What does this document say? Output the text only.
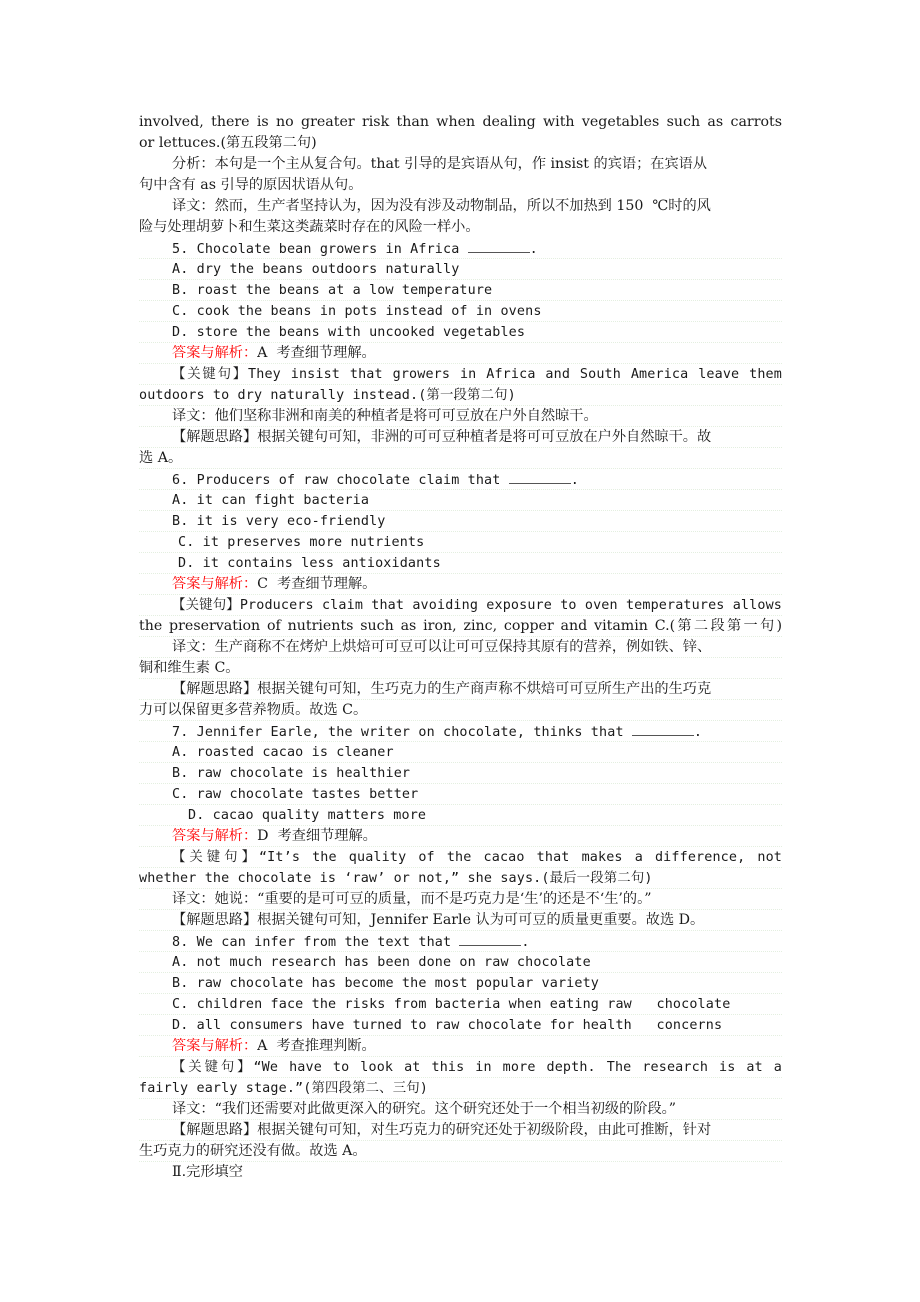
involved, there is no greater risk than when dealing with vegetables such as carrots
or lettuces.(第五段第二句)
分析：本句是一个主从复合句。that 引导的是宾语从句，作 insist 的宾语；在宾语从
句中含有 as 引导的原因状语从句。
译文：然而，生产者坚持认为，因为没有涉及动物制品，所以不加热到 150  ℃时的风
险与处理胡萝卜和生菜这类蔬菜时存在的风险一样小。
5. Chocolate bean growers in Africa	.
A. dry the beans outdoors naturally
B. roast the beans at a low temperature
C. cook the beans in pots instead of in ovens
D. store the beans with uncooked vegetables
答案与解析：A  考查细节理解。
【关键句】They insist that growers in Africa and South America leave them
outdoors to dry naturally instead.(第一段第二句)
译文：他们坚称非洲和南美的种植者是将可可豆放在户外自然晾干。
【解题思路】根据关键句可知，非洲的可可豆种植者是将可可豆放在户外自然晾干。故
选 A。
6. Producers of raw chocolate claim that	.
A. it can fight bacteria
B. it is very eco-friendly
C. it preserves more nutrients
D. it contains less antioxidants
答案与解析：C  考查细节理解。
【关键句】Producers claim that avoiding exposure to oven temperatures allows
the preservation of nutrients such as iron, zinc, copper and vitamin C.(第二段第一句)
译文：生产商称不在烤炉上烘焙可可豆可以让可可豆保持其原有的营养，例如铁、锌、
铜和维生素 C。
【解题思路】根据关键句可知，生巧克力的生产商声称不烘焙可可豆所生产出的生巧克
力可以保留更多营养物质。故选 C。
7. Jennifer Earle, the writer on chocolate, thinks that	.
A. roasted cacao is cleaner
B. raw chocolate is healthier
C. raw chocolate tastes better
D. cacao quality matters more
答案与解析：D  考查细节理解。
【关键句】“It’s the quality of the cacao that makes a difference, not
whether the chocolate is ‘raw’ or not,” she says.(最后一段第二句)
译文：她说：“重要的是可可豆的质量，而不是巧克力是‘生’的还是不‘生’的。”
【解题思路】根据关键句可知，Jennifer Earle 认为可可豆的质量更重要。故选 D。
8. We can infer from the text that	.
A. not much research has been done on raw chocolate
B. raw chocolate has become the most popular variety
C. children face the risks from bacteria when eating raw   chocolate
D. all consumers have turned to raw chocolate for health   concerns
答案与解析：A  考查推理判断。
【关键句】“We have to look at this in more depth. The research is at a
fairly early stage.”(第四段第二、三句)
译文：“我们还需要对此做更深入的研究。这个研究还处于一个相当初级的阶段。”
【解题思路】根据关键句可知，对生巧克力的研究还处于初级阶段，由此可推断，针对
生巧克力的研究还没有做。故选 A。
Ⅱ.完形填空
